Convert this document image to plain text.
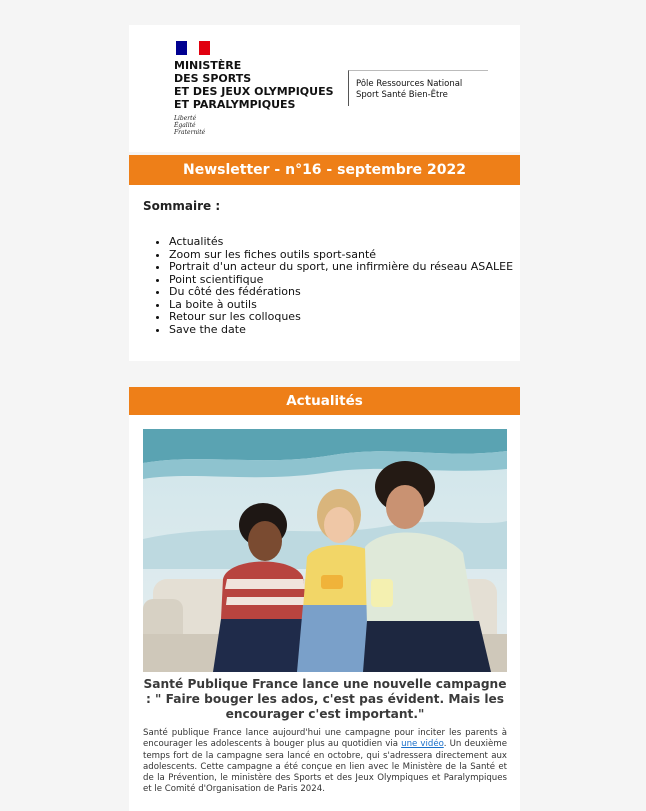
MINISTÈRE
DES SPORTS
ET DES JEUX OLYMPIQUES
ET PARALYMPIQUES
Liberté
Égalité
Fraternité
Pôle Ressources National
Sport Santé Bien-Être
Newsletter - n°16 - septembre 2022
Sommaire :
• Actualités
• Zoom sur les fiches outils sport-santé
• Portrait d'un acteur du sport, une infirmière du réseau ASALEE
• Point scientifique
• Du côté des fédérations
• La boite à outils
• Retour sur les colloques
• Save the date
Actualités
Santé Publique France lance une nouvelle campagne : " Faire bouger les ados, c'est pas évident. Mais les encourager c'est important."
Santé publique France lance aujourd'hui une campagne pour inciter les parents à encourager les adolescents à bouger plus au quotidien via une vidéo. Un deuxième temps fort de la campagne sera lancé en octobre, qui s'adressera directement aux adolescents. Cette campagne a été conçue en lien avec le Ministère de la Santé et de la Prévention, le ministère des Sports et des Jeux Olympiques et Paralympiques et le Comité d'Organisation de Paris 2024.
